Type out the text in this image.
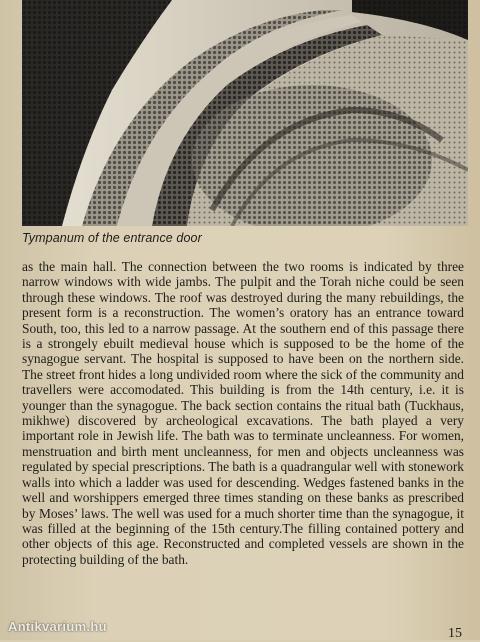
Tympanum of the entrance door

as the main hall. The connection between the two rooms is indicated by three narrow windows with wide jambs. The pulpit and the Torah niche could be seen through these windows. The roof was destroyed during the many rebuildings, the present form is a reconstruction. The women’s oratory has an entrance toward South, too, this led to a narrow passage. At the southern end of this passage there is a strongely ebuilt medieval house which is supposed to be the home of the synagogue servant. The hospital is supposed to have been on the northern side. The street front hides a long undivided room where the sick of the community and travellers were accomodated. This building is from the 14th century, i.e. it is younger than the synagogue. The back section contains the ritual bath (Tuckhaus, mikhwe) discovered by archeological excavations. The bath played a very important role in Jewish life. The bath was to terminate uncleanness. For women, menstruation and birth ment uncleanness, for men and objects uncleanness was regulated by special prescriptions. The bath is a quadrangular well with stonework walls into which a ladder was used for descending. Wedges fastened banks in the well and worshippers emerged three times standing on these banks as prescribed by Moses’ laws. The well was used for a much shorter time than the synagogue, it was filled at the beginning of the 15th century.The filling contained pottery and other objects of this age. Reconstructed and completed vessels are shown in the protecting building of the bath.

15
Antikvarium.hu
